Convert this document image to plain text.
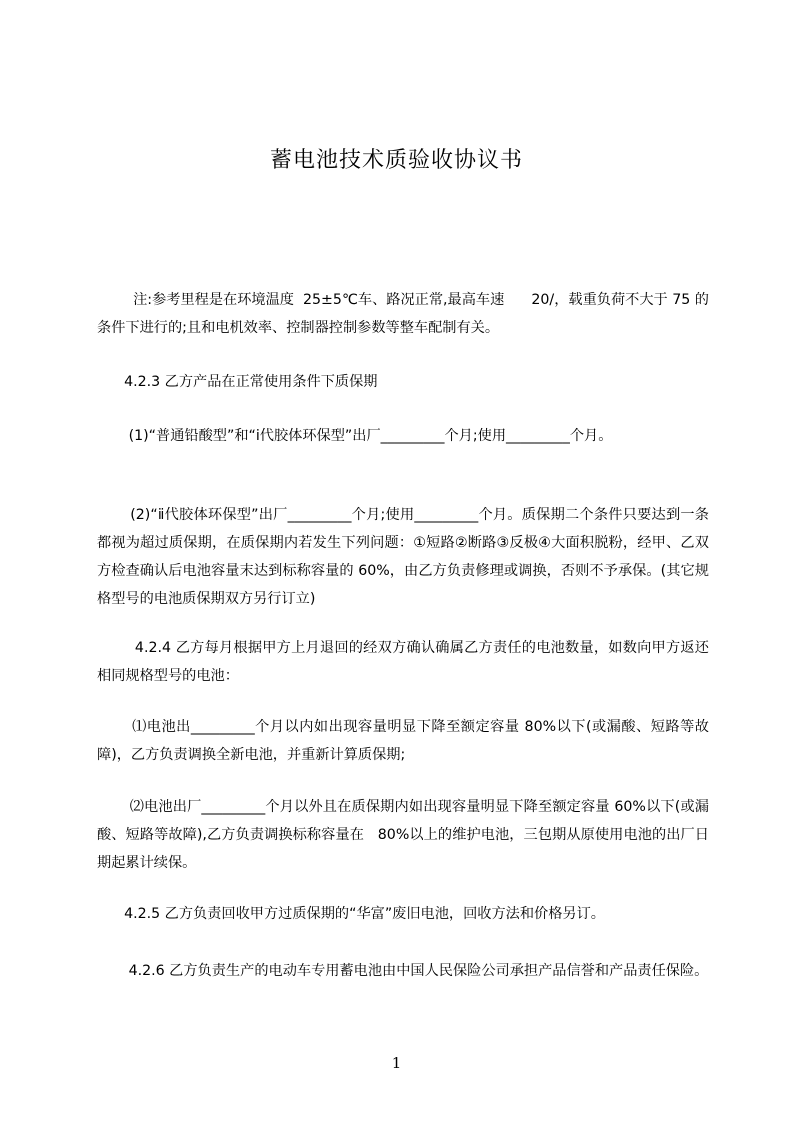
蓄电池技术质验收协议书
注:参考里程是在环境温度  25±5℃车、路况正常,最高车速      20/，载重负荷不大于 75 的条件下进行的;且和电机效率、控制器控制参数等整车配制有关。
4.2.3 乙方产品在正常使用条件下质保期
(1)“普通铅酸型”和“ⅰ代胶体环保型”出厂_________个月;使用_________个月。
(2)“ⅱ代胶体环保型”出厂_________个月;使用_________个月。质保期二个条件只要达到一条都视为超过质保期，在质保期内若发生下列问题：①短路②断路③反极④大面积脱粉，经甲、乙双方检查确认后电池容量末达到标称容量的 60%，由乙方负责修理或调换，否则不予承保。(其它规格型号的电池质保期双方另行订立)
4.2.4 乙方每月根据甲方上月退回的经双方确认确属乙方责任的电池数量，如数向甲方返还相同规格型号的电池：
⑴电池出_________个月以内如出现容量明显下降至额定容量 80%以下(或漏酸、短路等故障)，乙方负责调换全新电池，并重新计算质保期;
⑵电池出厂_________个月以外且在质保期内如出现容量明显下降至额定容量 60%以下(或漏酸、短路等故障),乙方负责调换标称容量在   80%以上的维护电池，三包期从原使用电池的出厂日期起累计续保。
4.2.5 乙方负责回收甲方过质保期的“华富”废旧电池，回收方法和价格另订。
4.2.6 乙方负责生产的电动车专用蓄电池由中国人民保险公司承担产品信誉和产品责任保险。
1
